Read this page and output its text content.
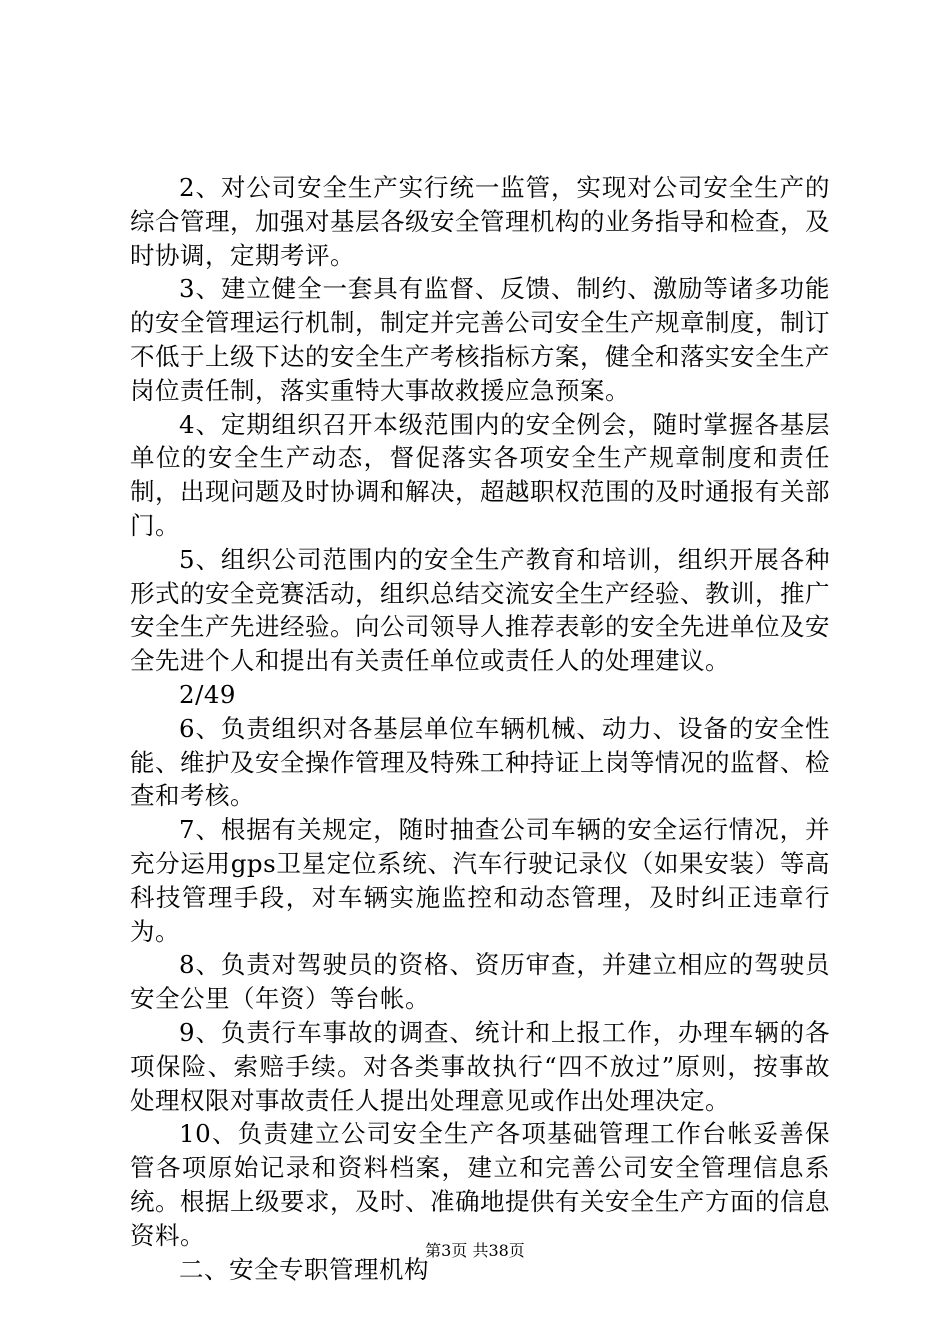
2、对公司安全生产实行统一监管，实现对公司安全生产的综合管理，加强对基层各级安全管理机构的业务指导和检查，及时协调，定期考评。

3、建立健全一套具有监督、反馈、制约、激励等诸多功能的安全管理运行机制，制定并完善公司安全生产规章制度，制订不低于上级下达的安全生产考核指标方案，健全和落实安全生产岗位责任制，落实重特大事故救援应急预案。

4、定期组织召开本级范围内的安全例会，随时掌握各基层单位的安全生产动态，督促落实各项安全生产规章制度和责任制，出现问题及时协调和解决，超越职权范围的及时通报有关部门。

5、组织公司范围内的安全生产教育和培训，组织开展各种形式的安全竞赛活动，组织总结交流安全生产经验、教训，推广安全生产先进经验。向公司领导人推荐表彰的安全先进单位及安全先进个人和提出有关责任单位或责任人的处理建议。

2/49

6、负责组织对各基层单位车辆机械、动力、设备的安全性能、维护及安全操作管理及特殊工种持证上岗等情况的监督、检查和考核。

7、根据有关规定，随时抽查公司车辆的安全运行情况，并充分运用gps卫星定位系统、汽车行驶记录仪（如果安装）等高科技管理手段，对车辆实施监控和动态管理，及时纠正违章行为。

8、负责对驾驶员的资格、资历审查，并建立相应的驾驶员安全公里（年资）等台帐。

9、负责行车事故的调查、统计和上报工作，办理车辆的各项保险、索赔手续。对各类事故执行“四不放过”原则，按事故处理权限对事故责任人提出处理意见或作出处理决定。

10、负责建立公司安全生产各项基础管理工作台帐妥善保管各项原始记录和资料档案，建立和完善公司安全管理信息系统。根据上级要求，及时、准确地提供有关安全生产方面的信息资料。

二、安全专职管理机构

第3页 共38页
